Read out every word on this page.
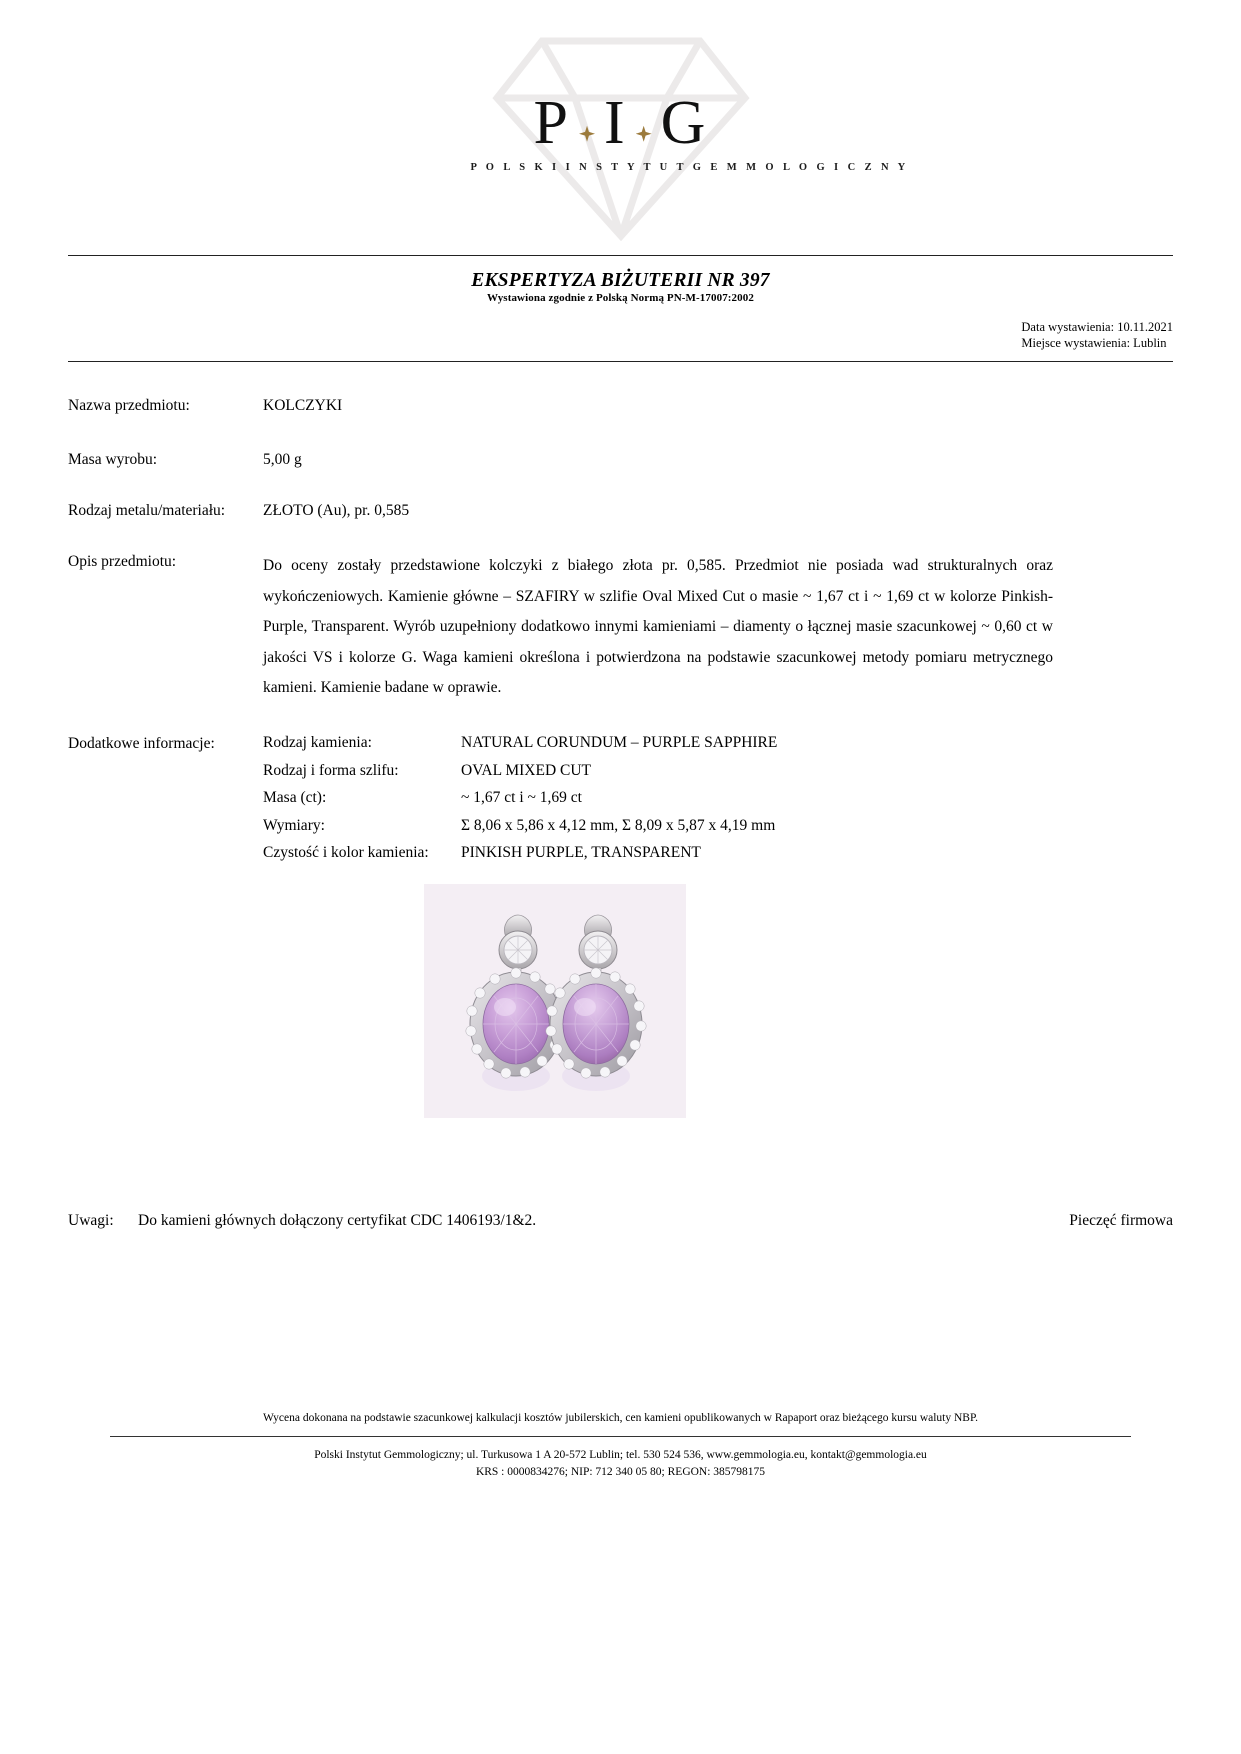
P I G
P O L S K I I N S T Y T U T G E M M O L O G I C Z N Y
EKSPERTYZA BIŻUTERII NR 397
Wystawiona zgodnie z Polską Normą PN-M-17007:2002
Data wystawienia: 10.11.2021
Miejsce wystawienia: Lublin
Nazwa przedmiotu:	KOLCZYKI
Masa wyrobu:	5,00 g
Rodzaj metalu/materiału: ZŁOTO (Au), pr. 0,585
Opis przedmiotu:	Do oceny zostały przedstawione kolczyki z białego złota pr. 0,585. Przedmiot nie posiada wad strukturalnych oraz wykończeniowych. Kamienie główne – SZAFIRY w szlifie Oval Mixed Cut o masie ~ 1,67 ct i ~ 1,69 ct w kolorze Pinkish-Purple, Transparent. Wyrób uzupełniony dodatkowo innymi kamieniami – diamenty o łącznej masie szacunkowej ~ 0,60 ct w jakości VS i kolorze G. Waga kamieni określona i potwierdzona na podstawie szacunkowej metody pomiaru metrycznego kamieni. Kamienie badane w oprawie.
Dodatkowe informacje:	Rodzaj kamienia:	NATURAL CORUNDUM – PURPLE SAPPHIRE
Rodzaj i forma szlifu:	OVAL MIXED CUT
Masa (ct):	~ 1,67 ct i ~ 1,69 ct
Wymiary:	Σ 8,06 x 5,86 x 4,12 mm, Σ 8,09 x 5,87 x 4,19 mm
Czystość i kolor kamienia:	PINKISH PURPLE, TRANSPARENT
Uwagi: Do kamieni głównych dołączony certyfikat CDC 1406193/1&2.	Pieczęć firmowa
Wycena dokonana na podstawie szacunkowej kalkulacji kosztów jubilerskich, cen kamieni opublikowanych w Rapaport oraz bieżącego kursu waluty NBP.
Polski Instytut Gemmologiczny; ul. Turkusowa 1 A 20-572 Lublin; tel. 530 524 536, www.gemmologia.eu, kontakt@gemmologia.eu
KRS : 0000834276; NIP: 712 340 05 80; REGON: 385798175
